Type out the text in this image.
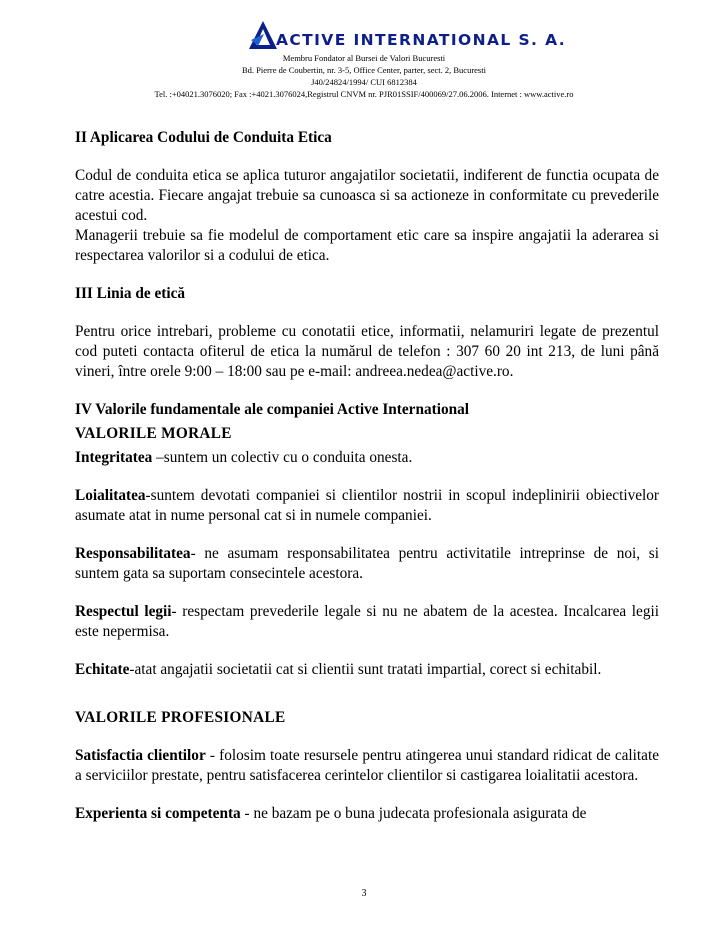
ACTIVE INTERNATIONAL S. A.
Membru Fondator al Bursei de Valori Bucuresti
Bd. Pierre de Coubertin, nr. 3-5, Office Center, parter, sect. 2, Bucuresti
J40/24824/1994/ CUI 6812384
Tel. :+04021.3076020; Fax :+4021.3076024,Registrul CNVM nr. PJR01SSIF/400069/27.06.2006. Internet : www.active.ro

II Aplicarea Codului de Conduita Etica

Codul de conduita etica se aplica tuturor angajatilor societatii, indiferent de functia ocupata de catre acestia. Fiecare angajat trebuie sa cunoasca si sa actioneze in conformitate cu prevederile acestui cod.

Managerii trebuie sa fie modelul de comportament etic care sa inspire angajatii la aderarea si respectarea valorilor si a codului de etica.

III Linia de etică

Pentru orice intrebari, probleme cu conotatii etice, informatii, nelamuriri legate de prezentul cod puteti contacta ofiterul de etica la numărul de telefon : 307 60 20 int 213, de luni până vineri, între orele 9:00 – 18:00 sau pe e-mail: andreea.nedea@active.ro.

IV Valorile fundamentale ale companiei Active International

VALORILE MORALE

Integritatea –suntem un colectiv cu o conduita onesta.

Loialitatea-suntem devotati companiei si clientilor nostrii in scopul indeplinirii obiectivelor asumate atat in nume personal cat si in numele companiei.

Responsabilitatea- ne asumam responsabilitatea pentru activitatile intreprinse de noi, si suntem gata sa suportam consecintele acestora.

Respectul legii- respectam prevederile legale si nu ne abatem de la acestea. Incalcarea legii este nepermisa.

Echitate-atat angajatii societatii cat si clientii sunt tratati impartial, corect si echitabil.

VALORILE PROFESIONALE

Satisfactia clientilor - folosim toate resursele pentru atingerea unui standard ridicat de calitate a serviciilor prestate, pentru satisfacerea cerintelor clientilor si castigarea loialitatii acestora.

Experienta si competenta - ne bazam pe o buna judecata profesionala asigurata de

3
